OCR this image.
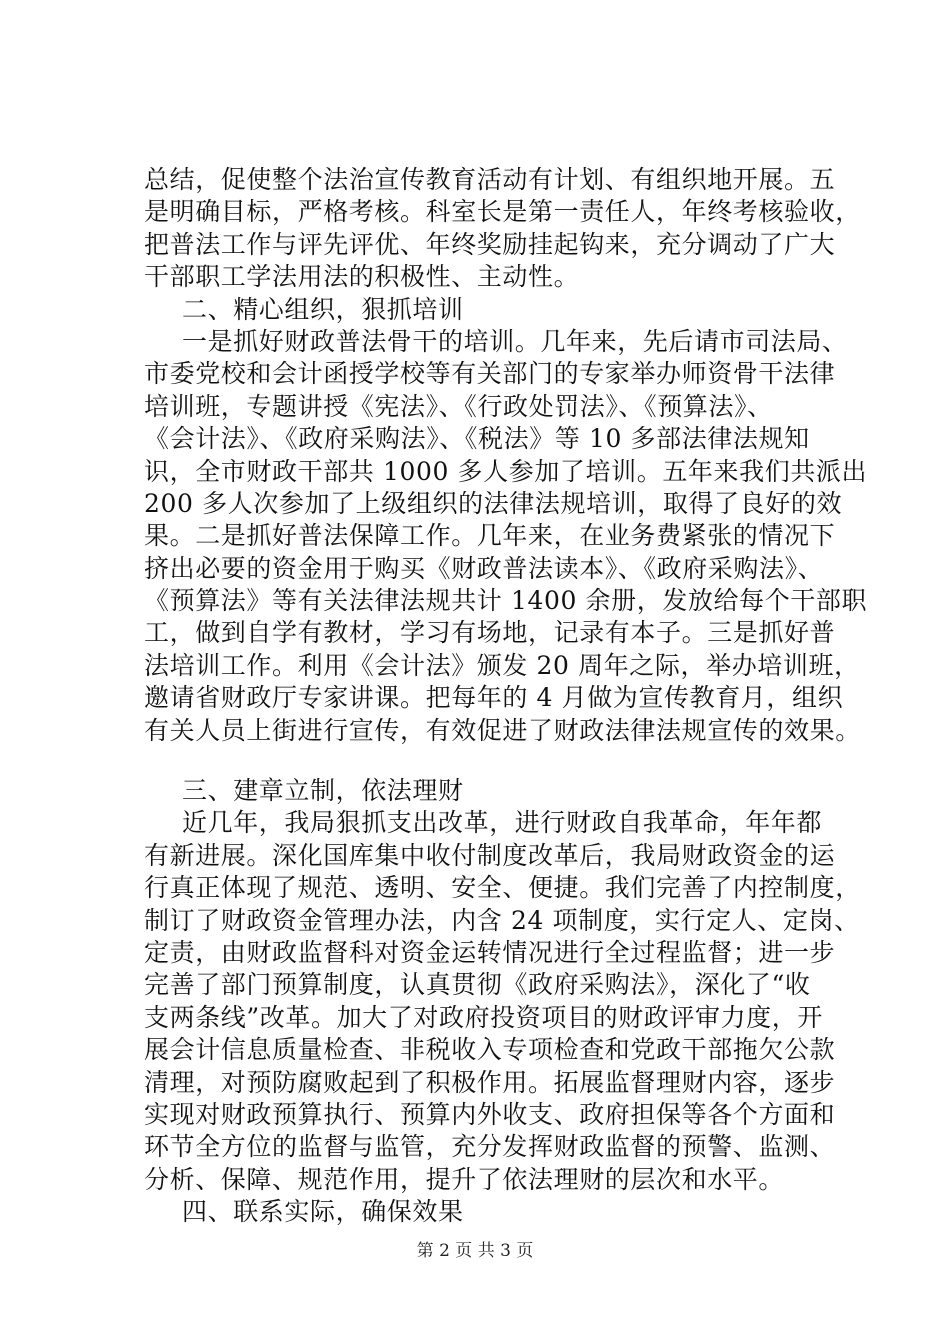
总结，促使整个法治宣传教育活动有计划、有组织地开展。五
是明确目标，严格考核。科室长是第一责任人，年终考核验收，
把普法工作与评先评优、年终奖励挂起钩来，充分调动了广大
干部职工学法用法的积极性、主动性。
二、精心组织，狠抓培训
一是抓好财政普法骨干的培训。几年来，先后请市司法局、
市委党校和会计函授学校等有关部门的专家举办师资骨干法律
培训班，专题讲授《宪法》、《行政处罚法》、《预算法》、
《会计法》、《政府采购法》、《税法》等 10 多部法律法规知
识，全市财政干部共 1000 多人参加了培训。五年来我们共派出
200 多人次参加了上级组织的法律法规培训，取得了良好的效
果。二是抓好普法保障工作。几年来，在业务费紧张的情况下
挤出必要的资金用于购买《财政普法读本》、《政府采购法》、
《预算法》等有关法律法规共计 1400 余册，发放给每个干部职
工，做到自学有教材，学习有场地，记录有本子。三是抓好普
法培训工作。利用《会计法》颁发 20 周年之际，举办培训班，
邀请省财政厅专家讲课。把每年的 4 月做为宣传教育月，组织
有关人员上街进行宣传，有效促进了财政法律法规宣传的效果。
三、建章立制，依法理财
近几年，我局狠抓支出改革，进行财政自我革命，年年都
有新进展。深化国库集中收付制度改革后，我局财政资金的运
行真正体现了规范、透明、安全、便捷。我们完善了内控制度，
制订了财政资金管理办法，内含 24 项制度，实行定人、定岗、
定责，由财政监督科对资金运转情况进行全过程监督；进一步
完善了部门预算制度，认真贯彻《政府采购法》，深化了“收
支两条线”改革。加大了对政府投资项目的财政评审力度，开
展会计信息质量检查、非税收入专项检查和党政干部拖欠公款
清理，对预防腐败起到了积极作用。拓展监督理财内容，逐步
实现对财政预算执行、预算内外收支、政府担保等各个方面和
环节全方位的监督与监管，充分发挥财政监督的预警、监测、
分析、保障、规范作用，提升了依法理财的层次和水平。
四、联系实际，确保效果
第 2 页 共 3 页
